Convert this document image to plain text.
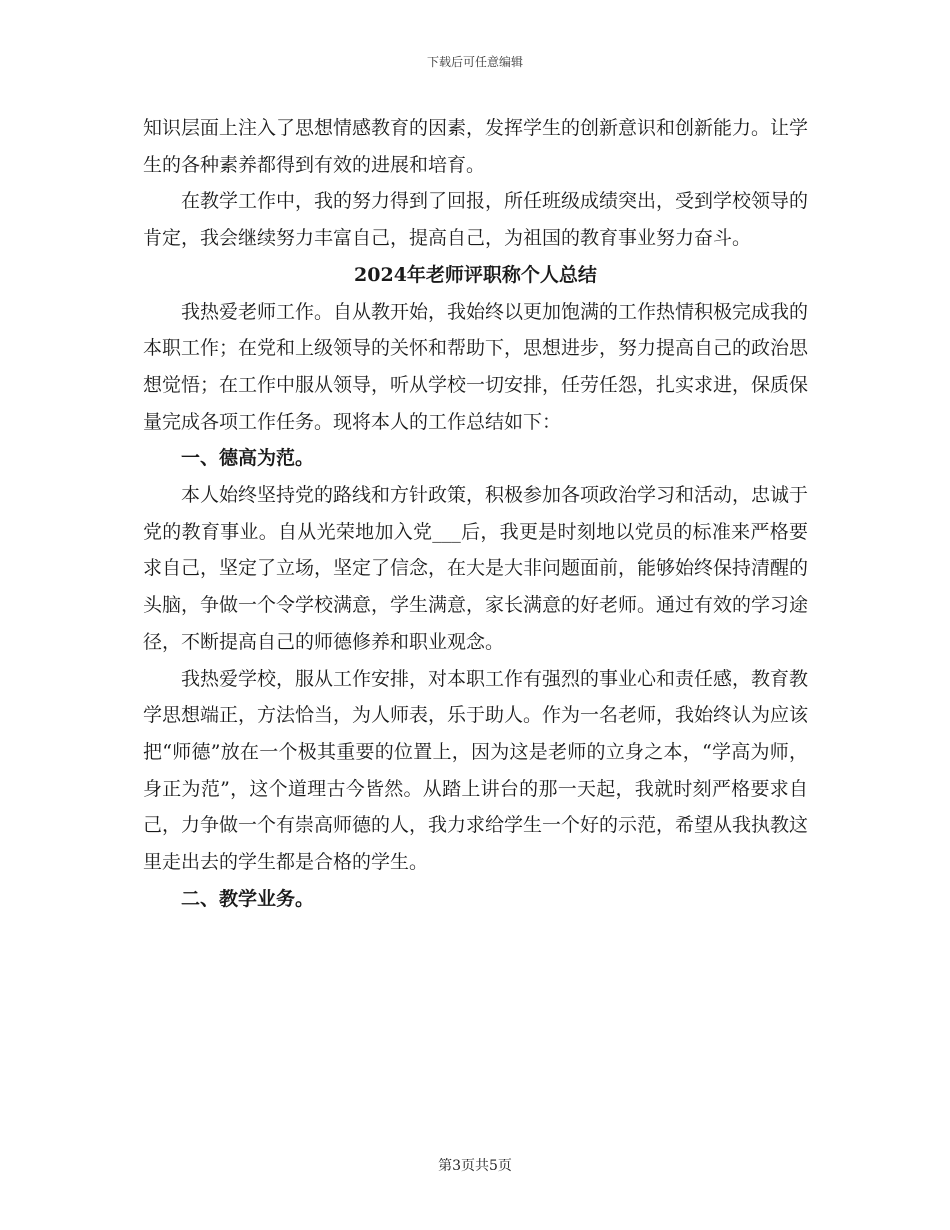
下载后可任意编辑

知识层面上注入了思想情感教育的因素，发挥学生的创新意识和创新能力。让学生的各种素养都得到有效的进展和培育。

在教学工作中，我的努力得到了回报，所任班级成绩突出，受到学校领导的肯定，我会继续努力丰富自己，提高自己，为祖国的教育事业努力奋斗。

2024年老师评职称个人总结

我热爱老师工作。自从教开始，我始终以更加饱满的工作热情积极完成我的本职工作；在党和上级领导的关怀和帮助下，思想进步，努力提高自己的政治思想觉悟；在工作中服从领导，听从学校一切安排，任劳任怨，扎实求进，保质保量完成各项工作任务。现将本人的工作总结如下：

一、德高为范。

本人始终坚持党的路线和方针政策，积极参加各项政治学习和活动，忠诚于党的教育事业。自从光荣地加入党___后，我更是时刻地以党员的标准来严格要求自己，坚定了立场，坚定了信念，在大是大非问题面前，能够始终保持清醒的头脑，争做一个令学校满意，学生满意，家长满意的好老师。通过有效的学习途径，不断提高自己的师德修养和职业观念。

我热爱学校，服从工作安排，对本职工作有强烈的事业心和责任感，教育教学思想端正，方法恰当，为人师表，乐于助人。作为一名老师，我始终认为应该把“师德”放在一个极其重要的位置上，因为这是老师的立身之本，“学高为师，身正为范”，这个道理古今皆然。从踏上讲台的那一天起，我就时刻严格要求自己，力争做一个有崇高师德的人，我力求给学生一个好的示范，希望从我执教这里走出去的学生都是合格的学生。

二、教学业务。
第3页共5页
